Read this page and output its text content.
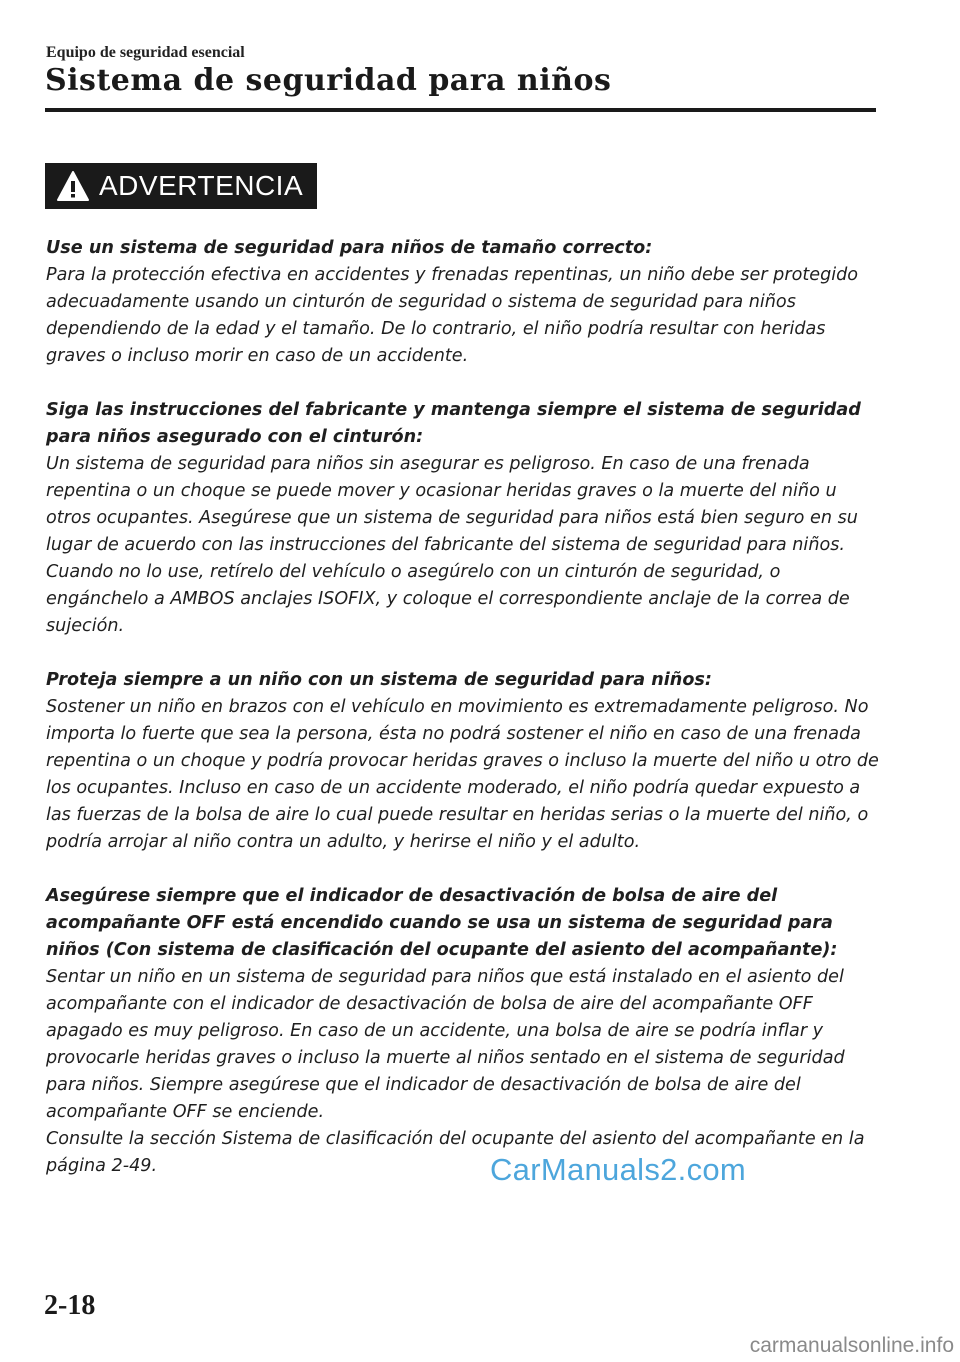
Equipo de seguridad esencial
Sistema de seguridad para niños
ADVERTENCIA

Use un sistema de seguridad para niños de tamaño correcto:

Para la protección efectiva en accidentes y frenadas repentinas, un niño debe ser protegido adecuadamente usando un cinturón de seguridad o sistema de seguridad para niños dependiendo de la edad y el tamaño. De lo contrario, el niño podría resultar con heridas graves o incluso morir en caso de un accidente.

Siga las instrucciones del fabricante y mantenga siempre el sistema de seguridad para niños asegurado con el cinturón:

Un sistema de seguridad para niños sin asegurar es peligroso. En caso de una frenada repentina o un choque se puede mover y ocasionar heridas graves o la muerte del niño u otros ocupantes. Asegúrese que un sistema de seguridad para niños está bien seguro en su lugar de acuerdo con las instrucciones del fabricante del sistema de seguridad para niños. Cuando no lo use, retírelo del vehículo o asegúrelo con un cinturón de seguridad, o engánchelo a AMBOS anclajes ISOFIX, y coloque el correspondiente anclaje de la correa de sujeción.

Proteja siempre a un niño con un sistema de seguridad para niños:

Sostener un niño en brazos con el vehículo en movimiento es extremadamente peligroso. No importa lo fuerte que sea la persona, ésta no podrá sostener el niño en caso de una frenada repentina o un choque y podría provocar heridas graves o incluso la muerte del niño u otro de los ocupantes. Incluso en caso de un accidente moderado, el niño podría quedar expuesto a las fuerzas de la bolsa de aire lo cual puede resultar en heridas serias o la muerte del niño, o podría arrojar al niño contra un adulto, y herirse el niño y el adulto.

Asegúrese siempre que el indicador de desactivación de bolsa de aire del acompañante OFF está encendido cuando se usa un sistema de seguridad para niños (Con sistema de clasificación del ocupante del asiento del acompañante):

Sentar un niño en un sistema de seguridad para niños que está instalado en el asiento del acompañante con el indicador de desactivación de bolsa de aire del acompañante OFF apagado es muy peligroso. En caso de un accidente, una bolsa de aire se podría inflar y provocarle heridas graves o incluso la muerte al niños sentado en el sistema de seguridad para niños. Siempre asegúrese que el indicador de desactivación de bolsa de aire del acompañante OFF se enciende.

Consulte la sección Sistema de clasificación del ocupante del asiento del acompañante en la página 2-49.	CarManuals2.com
2-18
carmanualsonline.info
